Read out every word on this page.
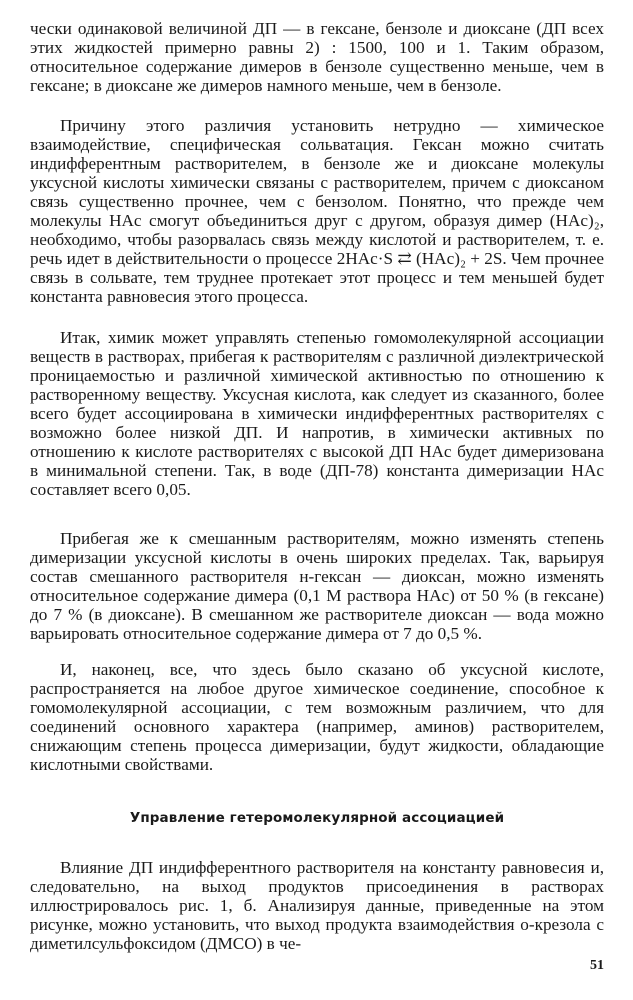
чески одинаковой величиной ДП — в гексане, бензоле и диоксане (ДП всех этих жидкостей примерно равны 2) : 1500, 100 и 1. Таким образом, относительное содержание димеров в бензоле существенно меньше, чем в гексане; в диоксане же димеров намного меньше, чем в бензоле.

Причину этого различия установить нетрудно — химическое взаимодействие, специфическая сольватация. Гексан можно считать индифферентным растворителем, в бензоле же и диоксане молекулы уксусной кислоты химически связаны с растворителем, причем с диоксаном связь существенно прочнее, чем с бензолом. Понятно, что прежде чем молекулы HAc смогут объединиться друг с другом, образуя димер (HAc)₂, необходимо, чтобы разорвалась связь между кислотой и растворителем, т. е. речь идет в действительности о процессе 2HAc·S ⇄ (HAc)₂ + 2S. Чем прочнее связь в сольвате, тем труднее протекает этот процесс и тем меньшей будет константа равновесия этого процесса.

Итак, химик может управлять степенью гомомолекулярной ассоциации веществ в растворах, прибегая к растворителям с различной диэлектрической проницаемостью и различной химической активностью по отношению к растворенному веществу. Уксусная кислота, как следует из сказанного, более всего будет ассоциирована в химически индифферентных растворителях с возможно более низкой ДП. И напротив, в химически активных по отношению к кислоте растворителях с высокой ДП HAc будет димеризована в минимальной степени. Так, в воде (ДП-78) константа димеризации HAc составляет всего 0,05.

Прибегая же к смешанным растворителям, можно изменять степень димеризации уксусной кислоты в очень широких пределах. Так, варьируя состав смешанного растворителя н-гексан — диоксан, можно изменять относительное содержание димера (0,1 М раствора HAc) от 50 % (в гексане) до 7 % (в диоксане). В смешанном же растворителе диоксан — вода можно варьировать относительное содержание димера от 7 до 0,5 %.

И, наконец, все, что здесь было сказано об уксусной кислоте, распространяется на любое другое химическое соединение, способное к гомомолекулярной ассоциации, с тем возможным различием, что для соединений основного характера (например, аминов) растворителем, снижающим степень процесса димеризации, будут жидкости, обладающие кислотными свойствами.

Управление гетеромолекулярной ассоциацией

Влияние ДП индифферентного растворителя на константу равновесия и, следовательно, на выход продуктов присоединения в растворах иллюстрировалось рис. 1, б. Анализируя данные, приведенные на этом рисунке, можно установить, что выход продукта взаимодействия о-крезола с диметилсульфоксидом (ДМСО) в че-

51
